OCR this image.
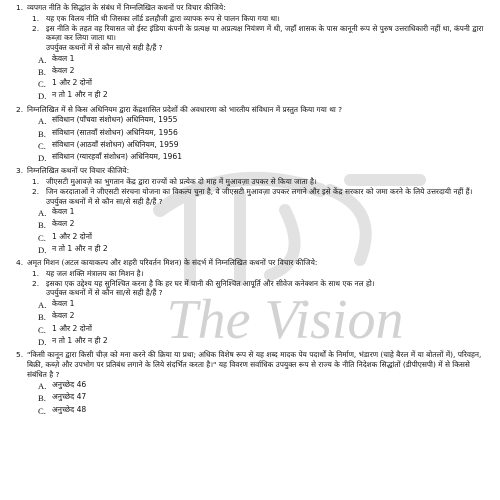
The Vision
1. व्यपगत नीति के सिद्धांत के संबंध में निम्नलिखित कथनों पर विचार कीजिये:
1. यह एक विलय नीति थी जिसका लॉर्ड डलहौजी द्वारा व्यापक रूप से पालन किया गया था।
2. इस नीति के तहत वह रियासत जो ईस्ट इंडिया कंपनी के प्रत्यक्ष या अप्रत्यक्ष नियंत्रण में थी, जहाँ शासक के पास कानूनी रूप से पुरुष उत्तराधिकारी नहीं था, कंपनी द्वारा कब्ज़ा कर लिया जाता था।
उपर्युक्त कथनों में से कौन सा/से सही है/हैं ?
A. केवल 1
B. केवल 2
C. 1 और 2 दोनों
D. न तो 1 और न ही 2
2. निम्नलिखित में से किस अधिनियम द्वारा केंद्रशासित प्रदेशों की अवधारणा को भारतीय संविधान में प्रस्तुत किया गया था ?
A. संविधान (पाँचवा संशोधन) अधिनियम, 1955
B. संविधान (सातवाँ संशोधन) अधिनियम, 1956
C. संविधान (आठवाँ संशोधन) अधिनियम, 1959
D. संविधान (ग्यारहवाँ संशोधन) अधिनियम, 1961
3. निम्नलिखित कथनों पर विचार कीजिये:
1. जीएसटी मुआवज़े का भुगतान केंद्र द्वारा राज्यों को प्रत्येक दो माह में मुआवज़ा उपकर से किया जाता है।
2. जिन करदाताओं ने जीएसटी संरचना योजना का विकल्प चुना है, वे जीएसटी मुआवज़ा उपकर लगाने और इसे केंद्र सरकार को जमा करने के लिये उत्तरदायी नहीं हैं।
उपर्युक्त कथनों में से कौन सा/से सही है/हैं ?
A. केवल 1
B. केवल 2
C. 1 और 2 दोनों
D. न तो 1 और न ही 2
4. अमृत मिशन (अटल कायाकल्प और शहरी परिवर्तन मिशन) के संदर्भ में निम्नलिखित कथनों पर विचार कीजिये:
1. यह जल शक्ति मंत्रालय का मिशन है।
2. इसका एक उद्देश्य यह सुनिश्चित करना है कि हर घर में पानी की सुनिश्चित आपूर्ति और सीवेज कनेक्शन के साथ एक नल हो।
उपर्युक्त कथनों में से कौन सा/से सही है/हैं ?
A. केवल 1
B. केवल 2
C. 1 और 2 दोनों
D. न तो 1 और न ही 2
5. "किसी कानून द्वारा किसी चीज़ को मना करने की क्रिया या प्रथा; अधिक विशेष रूप से यह शब्द मादक पेय पदार्थों के निर्माण, भंडारण (चाहे बैरल में या बोतलों में), परिवहन, बिक्री, कब्ज़े और उपभोग पर प्रतिबंध लगाने के लिये संदर्भित करता है।" यह विवरण सर्वाधिक उपयुक्त रूप से राज्य के नीति निदेशक सिद्धांतों (डीपीएसपी) में से किससे संबंधित है ?
A. अनुच्छेद 46
B. अनुच्छेद 47
C. अनुच्छेद 48
